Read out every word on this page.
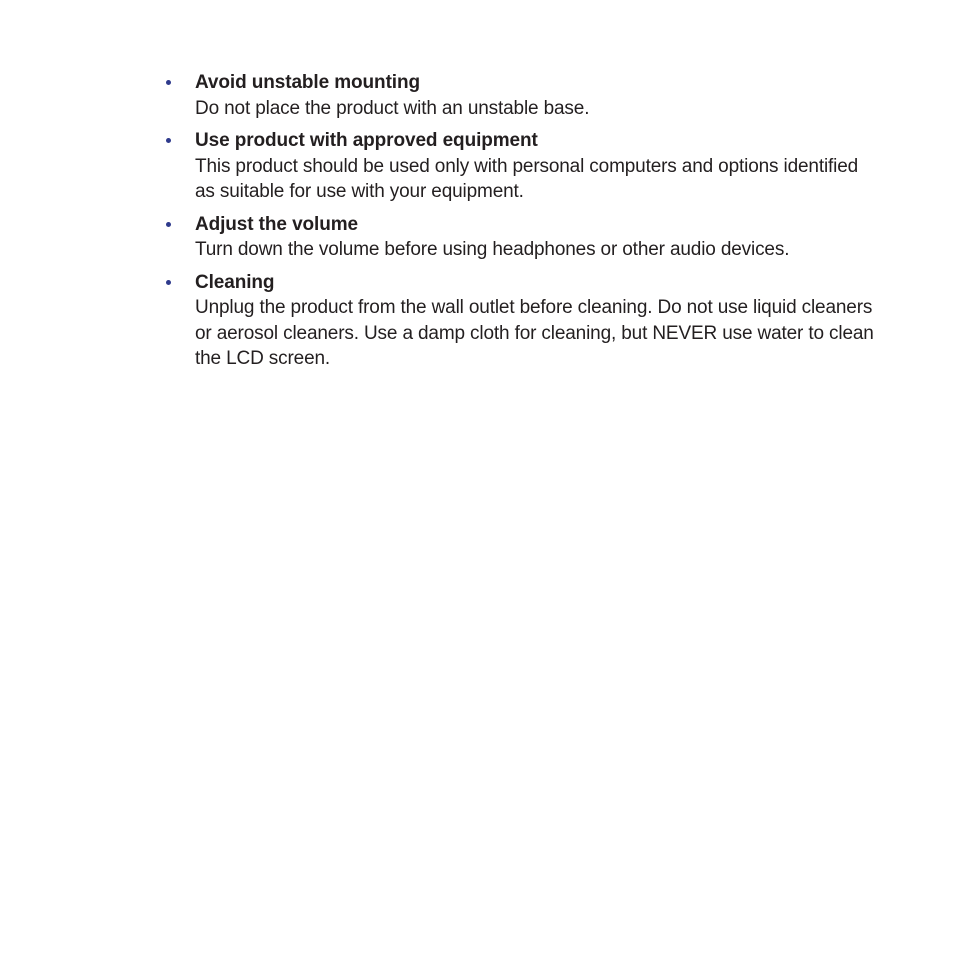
Avoid unstable mounting
Do not place the product with an unstable base.
Use product with approved equipment
This product should be used only with personal computers and options identified as suitable for use with your equipment.
Adjust the volume
Turn down the volume before using headphones or other audio devices.
Cleaning
Unplug the product from the wall outlet before cleaning. Do not use liquid cleaners or aerosol cleaners. Use a damp cloth for cleaning, but NEVER use water to clean the LCD screen.
